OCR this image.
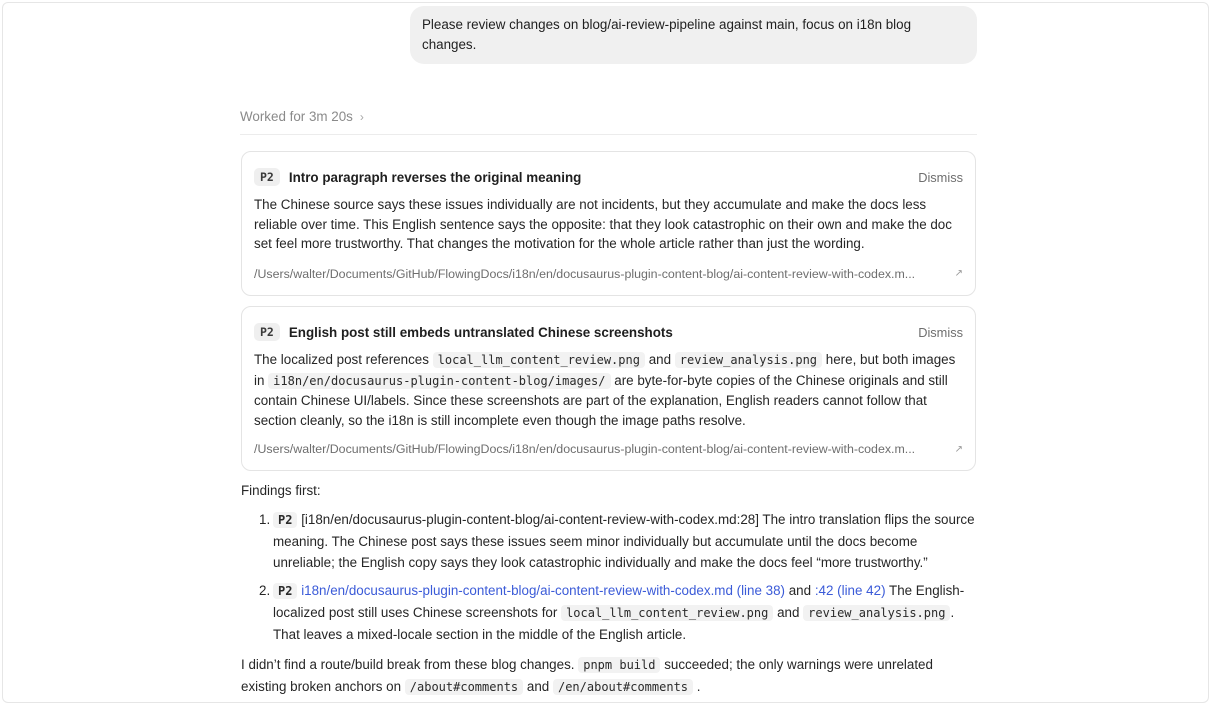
Please review changes on blog/ai-review-pipeline against main, focus on i18n blog changes.
Worked for 3m 20s ›
P2	Intro paragraph reverses the original meaning	Dismiss
The Chinese source says these issues individually are not incidents, but they accumulate and make the docs less reliable over time. This English sentence says the opposite: that they look catastrophic on their own and make the doc set feel more trustworthy. That changes the motivation for the whole article rather than just the wording.
/Users/walter/Documents/GitHub/FlowingDocs/i18n/en/docusaurus-plugin-content-blog/ai-content-review-with-codex.m...	↗
P2	English post still embeds untranslated Chinese screenshots	Dismiss
The localized post references local_llm_content_review.png and review_analysis.png here, but both images in i18n/en/docusaurus-plugin-content-blog/images/ are byte-for-byte copies of the Chinese originals and still contain Chinese UI/labels. Since these screenshots are part of the explanation, English readers cannot follow that section cleanly, so the i18n is still incomplete even though the image paths resolve.
/Users/walter/Documents/GitHub/FlowingDocs/i18n/en/docusaurus-plugin-content-blog/ai-content-review-with-codex.m...	↗
Findings first:
1. P2 [i18n/en/docusaurus-plugin-content-blog/ai-content-review-with-codex.md:28] The intro translation flips the source meaning. The Chinese post says these issues seem minor individually but accumulate until the docs become unreliable; the English copy says they look catastrophic individually and make the docs feel “more trustworthy.”
2. P2 i18n/en/docusaurus-plugin-content-blog/ai-content-review-with-codex.md (line 38) and :42 (line 42) The English-localized post still uses Chinese screenshots for local_llm_content_review.png and review_analysis.png . That leaves a mixed-locale section in the middle of the English article.
I didn’t find a route/build break from these blog changes. pnpm build succeeded; the only warnings were unrelated existing broken anchors on /about#comments and /en/about#comments .
